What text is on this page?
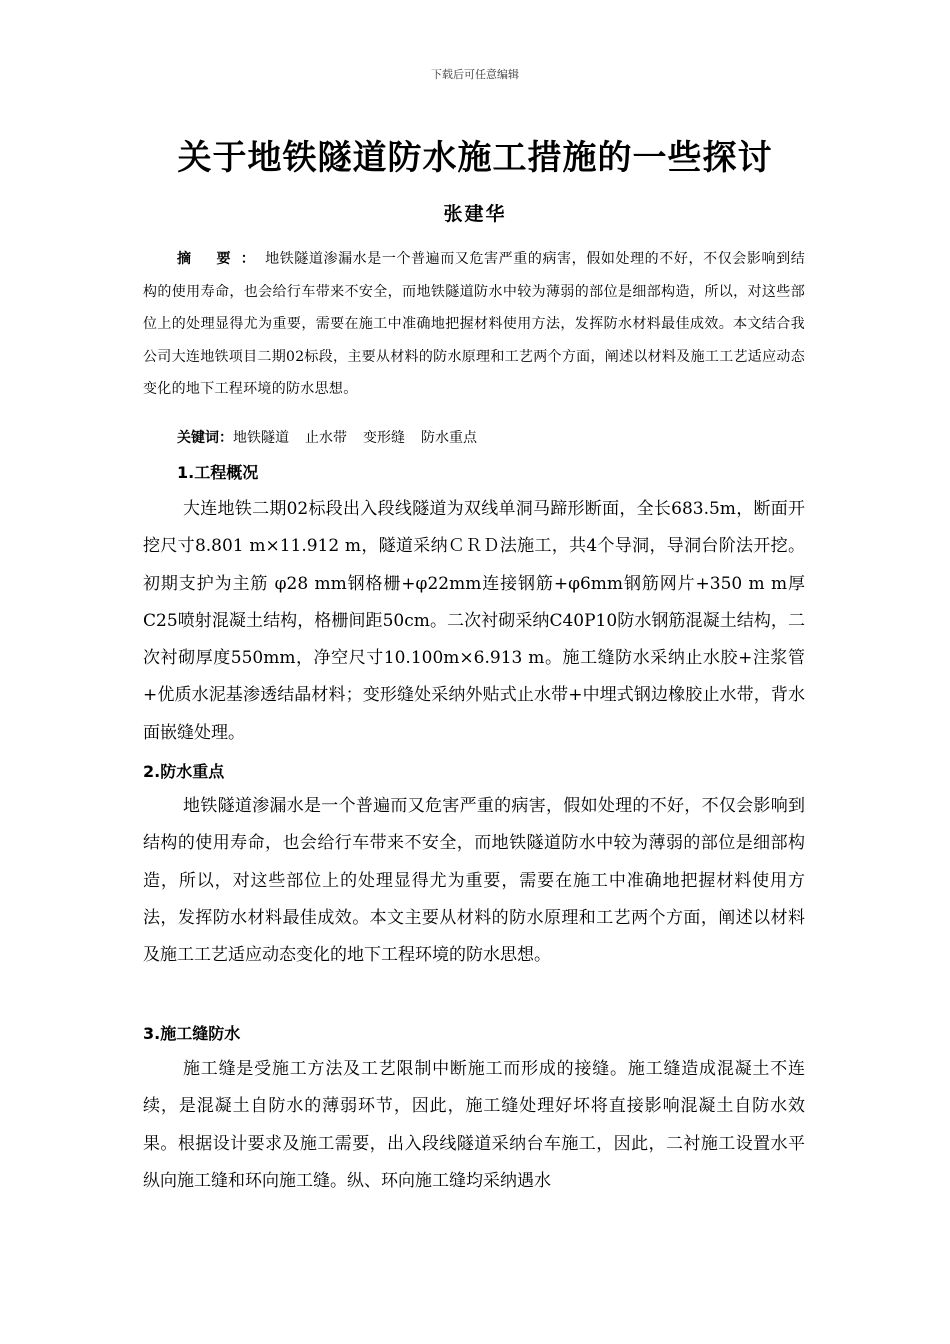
下载后可任意编辑
关于地铁隧道防水施工措施的一些探讨
张建华
摘 要：地铁隧道渗漏水是一个普遍而又危害严重的病害，假如处理的不好，不仅会影响到结构的使用寿命，也会给行车带来不安全，而地铁隧道防水中较为薄弱的部位是细部构造，所以，对这些部位上的处理显得尤为重要，需要在施工中准确地把握材料使用方法，发挥防水材料最佳成效。本文结合我公司大连地铁项目二期02标段，主要从材料的防水原理和工艺两个方面，阐述以材料及施工工艺适应动态变化的地下工程环境的防水思想。
关键词：地铁隧道 止水带 变形缝 防水重点
1.工程概况
大连地铁二期02标段出入段线隧道为双线单洞马蹄形断面，全长683.5m，断面开挖尺寸8.801 m×11.912 m，隧道采纳ＣＲＤ法施工，共4个导洞，导洞台阶法开挖。初期支护为主筋 φ28 mm钢格栅+φ22mm连接钢筋+φ6mm钢筋网片+350 m m厚C25喷射混凝土结构，格栅间距50cm。二次衬砌采纳C40P10防水钢筋混凝土结构，二次衬砌厚度550mm，净空尺寸10.100m×6.913 m。施工缝防水采纳止水胶+注浆管+优质水泥基渗透结晶材料；变形缝处采纳外贴式止水带+中埋式钢边橡胶止水带，背水面嵌缝处理。
2.防水重点
地铁隧道渗漏水是一个普遍而又危害严重的病害，假如处理的不好，不仅会影响到结构的使用寿命，也会给行车带来不安全，而地铁隧道防水中较为薄弱的部位是细部构造，所以，对这些部位上的处理显得尤为重要，需要在施工中准确地把握材料使用方法，发挥防水材料最佳成效。本文主要从材料的防水原理和工艺两个方面，阐述以材料及施工工艺适应动态变化的地下工程环境的防水思想。
3.施工缝防水
施工缝是受施工方法及工艺限制中断施工而形成的接缝。施工缝造成混凝土不连续，是混凝土自防水的薄弱环节，因此，施工缝处理好坏将直接影响混凝土自防水效果。根据设计要求及施工需要，出入段线隧道采纳台车施工，因此，二衬施工设置水平纵向施工缝和环向施工缝。纵、环向施工缝均采纳遇水
